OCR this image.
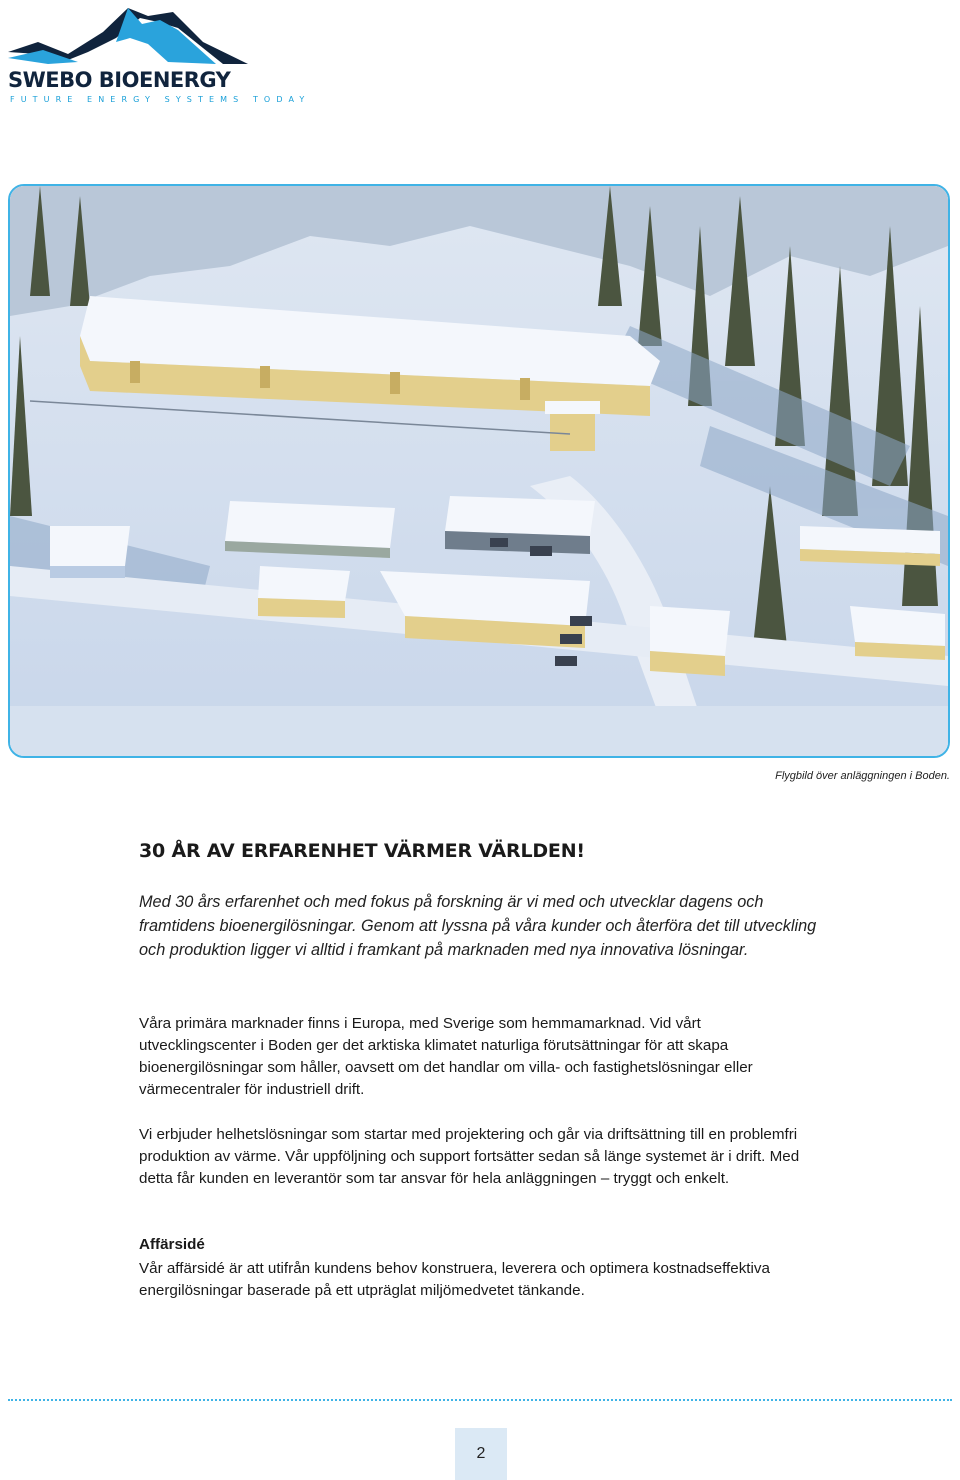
SWEBO BIOENERGY
FUTURE ENERGY SYSTEMS TODAY
Flygbild över anläggningen i Boden.
30 ÅR AV ERFARENHET VÄRMER VÄRLDEN!
Med 30 års erfarenhet och med fokus på forskning är vi med och utvecklar dagens och framtidens bioenergilösningar. Genom att lyssna på våra kunder och återföra det till utveckling och produktion ligger vi alltid i framkant på marknaden med nya innovativa lösningar.
Våra primära marknader finns i Europa, med Sverige som hemmamarknad. Vid vårt utvecklingscenter i Boden ger det arktiska klimatet naturliga förutsättningar för att skapa bioenergilösningar som håller, oavsett om det handlar om villa- och fastighetslösningar eller värmecentraler för industriell drift.
Vi erbjuder helhetslösningar som startar med projektering och går via driftsättning till en problemfri produktion av värme. Vår uppföljning och support fortsätter sedan så länge systemet är i drift. Med detta får kunden en leverantör som tar ansvar för hela anläggningen – tryggt och enkelt.
Affärsidé
Vår affärsidé är att utifrån kundens behov konstruera, leverera och optimera kostnadseffektiva energilösningar baserade på ett utpräglat miljömedvetet tänkande.
2
